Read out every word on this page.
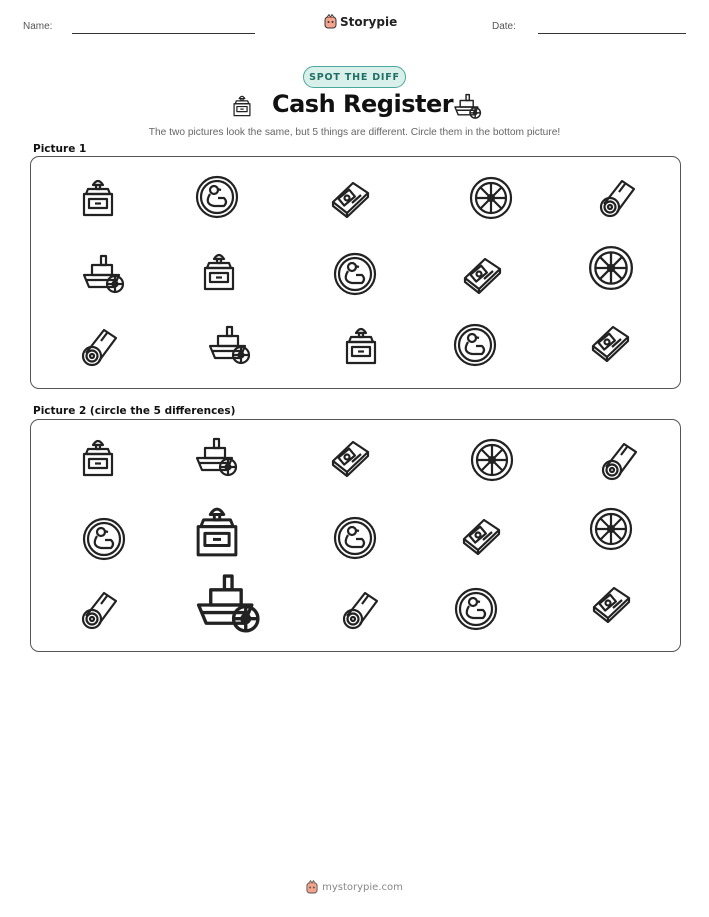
Name:	Storypie	Date:
SPOT THE DIFF
Cash Register
The two pictures look the same, but 5 things are different. Circle them in the bottom picture!
Picture 1
Picture 2 (circle the 5 differences)
mystorypie.com
